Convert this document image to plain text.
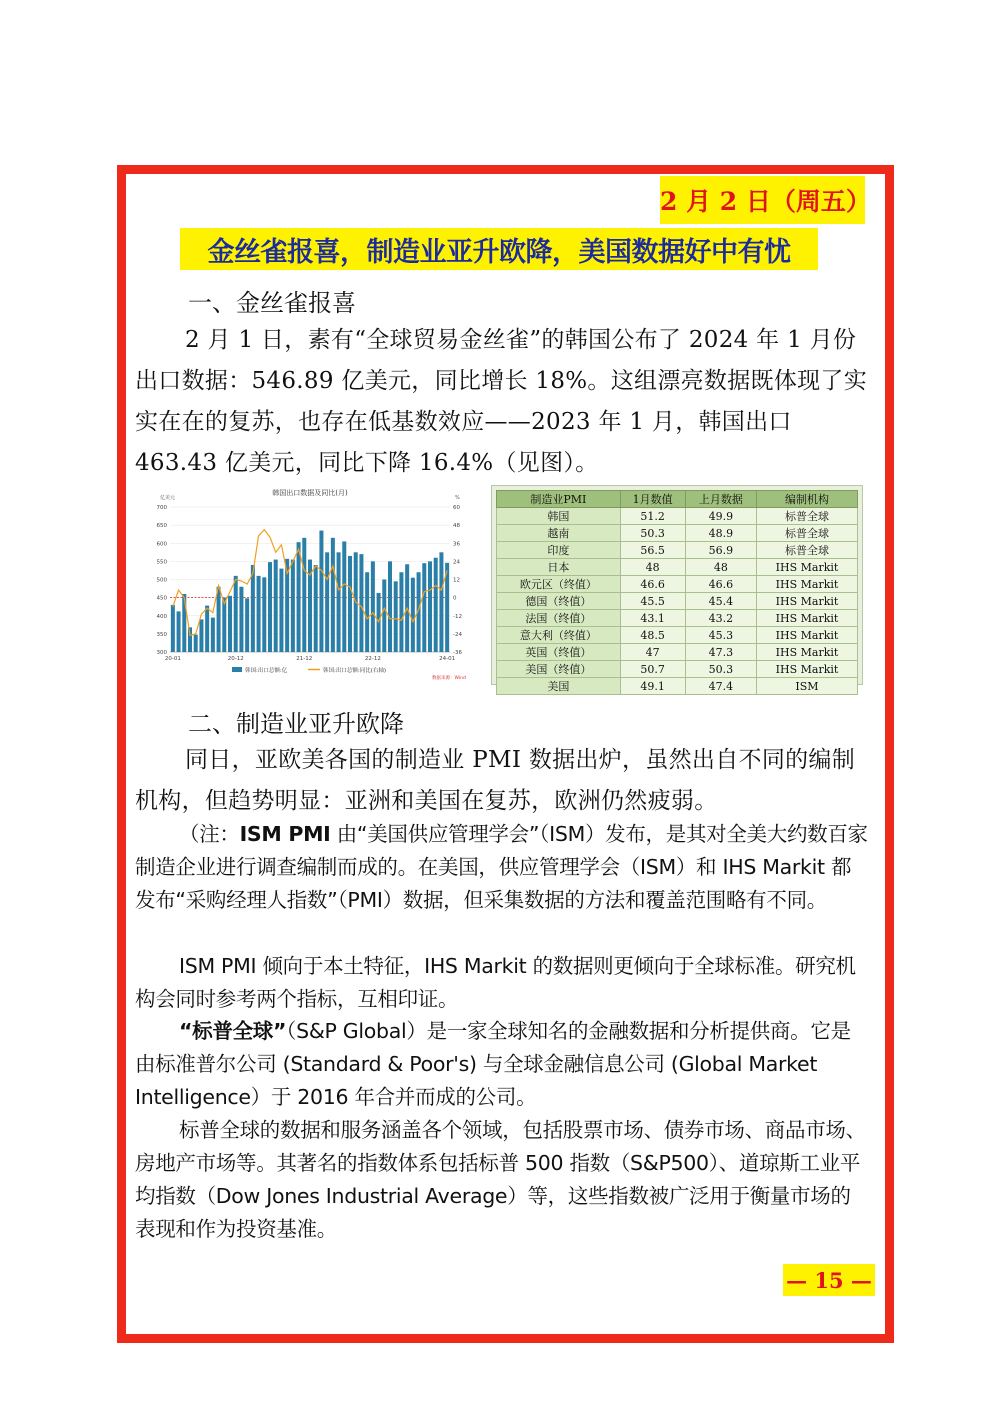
2 月 2 日（周五）
金丝雀报喜，制造业亚升欧降，美国数据好中有忧
一、金丝雀报喜
2 月 1 日，素有“全球贸易金丝雀”的韩国公布了 2024 年 1 月份出口数据：546.89 亿美元，同比增长 18%。这组漂亮数据既体现了实实在在的复苏，也存在低基数效应——2023 年 1 月，韩国出口 463.43 亿美元，同比下降 16.4%（见图）。
韩国出口数据及同比(月)
亿美元	%
700
650
600
550
500
450
400
350
300
60
48
36
24
12
0
-12
-24
-36
20-01	20-12	21-12	22-12	24-01
韩国:出口总额:亿	韩国:出口总额:同比(右轴)
数据来源：Wind
制造业PMI	1月数值	上月数据	编制机构
韩国	51.2	49.9	标普全球
越南	50.3	48.9	标普全球
印度	56.5	56.9	标普全球
日本	48	48	IHS Markit
欧元区（终值）	46.6	46.6	IHS Markit
德国（终值）	45.5	45.4	IHS Markit
法国（终值）	43.1	43.2	IHS Markit
意大利（终值）	48.5	45.3	IHS Markit
英国（终值）	47	47.3	IHS Markit
美国（终值）	50.7	50.3	IHS Markit
美国	49.1	47.4	ISM
二、制造业亚升欧降
同日，亚欧美各国的制造业 PMI 数据出炉，虽然出自不同的编制机构，但趋势明显：亚洲和美国在复苏，欧洲仍然疲弱。

（注：ISM PMI 由“美国供应管理学会”（ISM）发布，是其对全美大约数百家制造企业进行调查编制而成的。在美国，供应管理学会（ISM）和 IHS Markit 都发布“采购经理人指数”（PMI）数据，但采集数据的方法和覆盖范围略有不同。

ISM PMI 倾向于本土特征，IHS Markit 的数据则更倾向于全球标准。研究机构会同时参考两个指标，互相印证。

“标普全球”（S&P Global）是一家全球知名的金融数据和分析提供商。它是由标准普尔公司 (Standard & Poor's) 与全球金融信息公司 (Global Market Intelligence）于 2016 年合并而成的公司。

标普全球的数据和服务涵盖各个领域，包括股票市场、债券市场、商品市场、房地产市场等。其著名的指数体系包括标普 500 指数（S&P500）、道琼斯工业平均指数（Dow Jones Industrial Average）等，这些指数被广泛用于衡量市场的表现和作为投资基准。

— 15 —
